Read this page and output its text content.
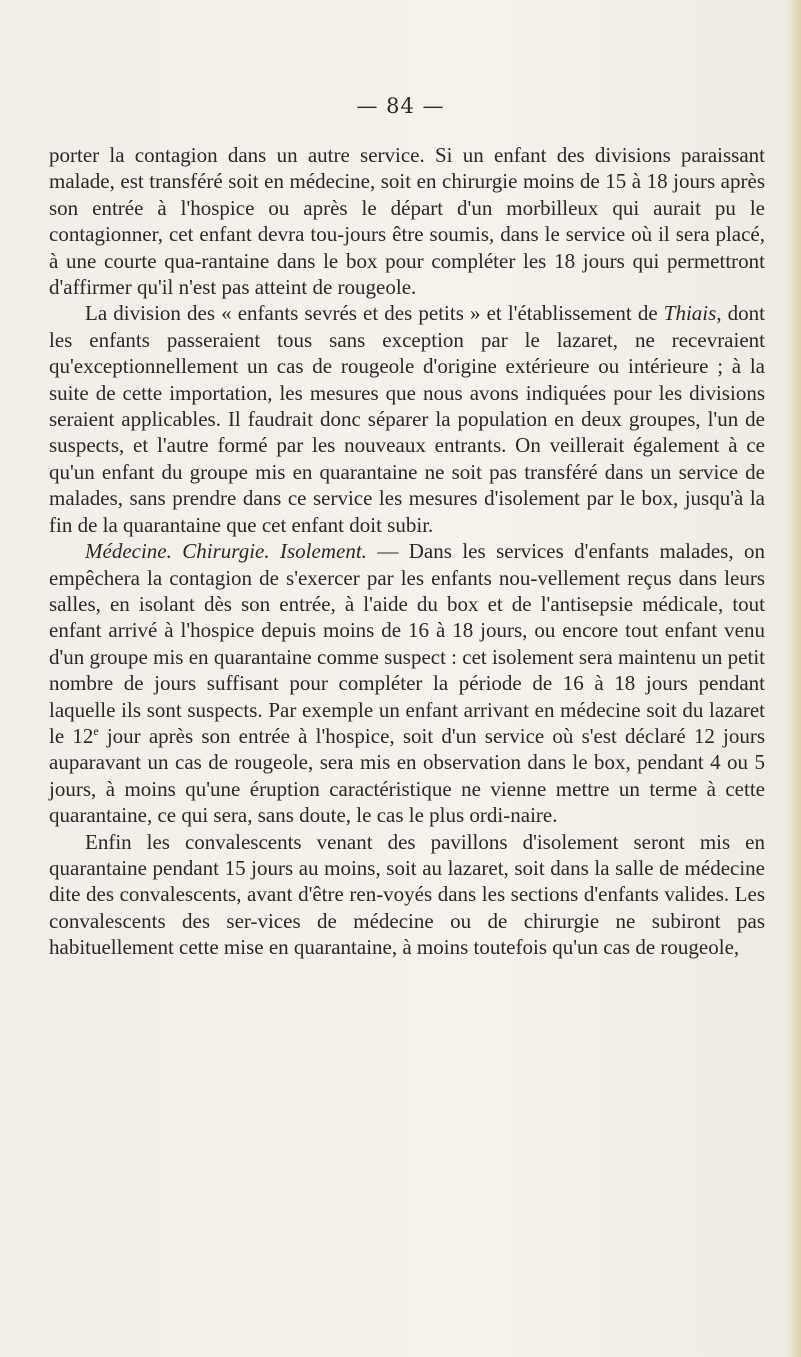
— 84 —

porter la contagion dans un autre service. Si un enfant des divisions paraissant malade, est transféré soit en médecine, soit en chirurgie moins de 15 à 18 jours après son entrée à l'hospice ou après le départ d'un morbilleux qui aurait pu le contagionner, cet enfant devra tou-jours être soumis, dans le service où il sera placé, à une courte qua-rantaine dans le box pour compléter les 18 jours qui permettront d'affirmer qu'il n'est pas atteint de rougeole.

La division des « enfants sevrés et des petits » et l'établissement de Thiais, dont les enfants passeraient tous sans exception par le lazaret, ne recevraient qu'exceptionnellement un cas de rougeole d'origine extérieure ou intérieure ; à la suite de cette importation, les mesures que nous avons indiquées pour les divisions seraient applicables. Il faudrait donc séparer la population en deux groupes, l'un de suspects, et l'autre formé par les nouveaux entrants. On veillerait également à ce qu'un enfant du groupe mis en quarantaine ne soit pas transféré dans un service de malades, sans prendre dans ce service les mesures d'isolement par le box, jusqu'à la fin de la quarantaine que cet enfant doit subir.

Médecine. Chirurgie. Isolement. — Dans les services d'enfants malades, on empêchera la contagion de s'exercer par les enfants nou-vellement reçus dans leurs salles, en isolant dès son entrée, à l'aide du box et de l'antisepsie médicale, tout enfant arrivé à l'hospice depuis moins de 16 à 18 jours, ou encore tout enfant venu d'un groupe mis en quarantaine comme suspect : cet isolement sera maintenu un petit nombre de jours suffisant pour compléter la période de 16 à 18 jours pendant laquelle ils sont suspects. Par exemple un enfant arrivant en médecine soit du lazaret le 12e jour après son entrée à l'hospice, soit d'un service où s'est déclaré 12 jours auparavant un cas de rougeole, sera mis en observation dans le box, pendant 4 ou 5 jours, à moins qu'une éruption caractéristique ne vienne mettre un terme à cette quarantaine, ce qui sera, sans doute, le cas le plus ordi-naire.

Enfin les convalescents venant des pavillons d'isolement seront mis en quarantaine pendant 15 jours au moins, soit au lazaret, soit dans la salle de médecine dite des convalescents, avant d'être ren-voyés dans les sections d'enfants valides. Les convalescents des ser-vices de médecine ou de chirurgie ne subiront pas habituellement cette mise en quarantaine, à moins toutefois qu'un cas de rougeole,
